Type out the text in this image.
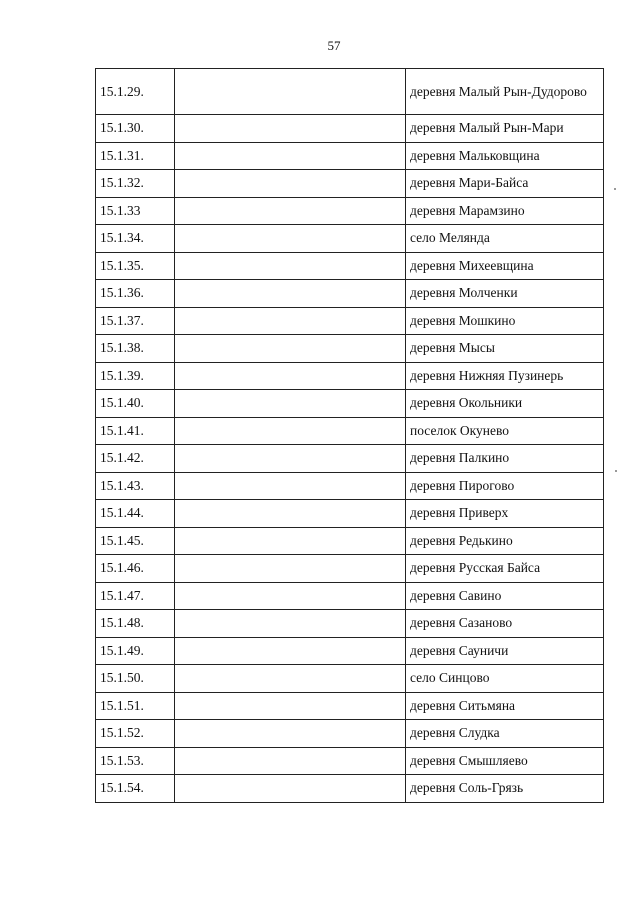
57
15.1.29.		деревня Малый Рын-Дудорово
15.1.30.		деревня Малый Рын-Мари
15.1.31.		деревня Мальковщина
15.1.32.		деревня Мари-Байса
15.1.33		деревня Марамзино
15.1.34.		село Мелянда
15.1.35.		деревня Михеевщина
15.1.36.		деревня Молченки
15.1.37.		деревня Мошкино
15.1.38.		деревня Мысы
15.1.39.		деревня Нижняя Пузинерь
15.1.40.		деревня Окольники
15.1.41.		поселок Окунево
15.1.42.		деревня Палкино
15.1.43.		деревня Пирогово
15.1.44.		деревня Приверх
15.1.45.		деревня Редькино
15.1.46.		деревня Русская Байса
15.1.47.		деревня Савино
15.1.48.		деревня Сазаново
15.1.49.		деревня Сауничи
15.1.50.		село Синцово
15.1.51.		деревня Ситьмяна
15.1.52.		деревня Слудка
15.1.53.		деревня Смышляево
15.1.54.		деревня Соль-Грязь
